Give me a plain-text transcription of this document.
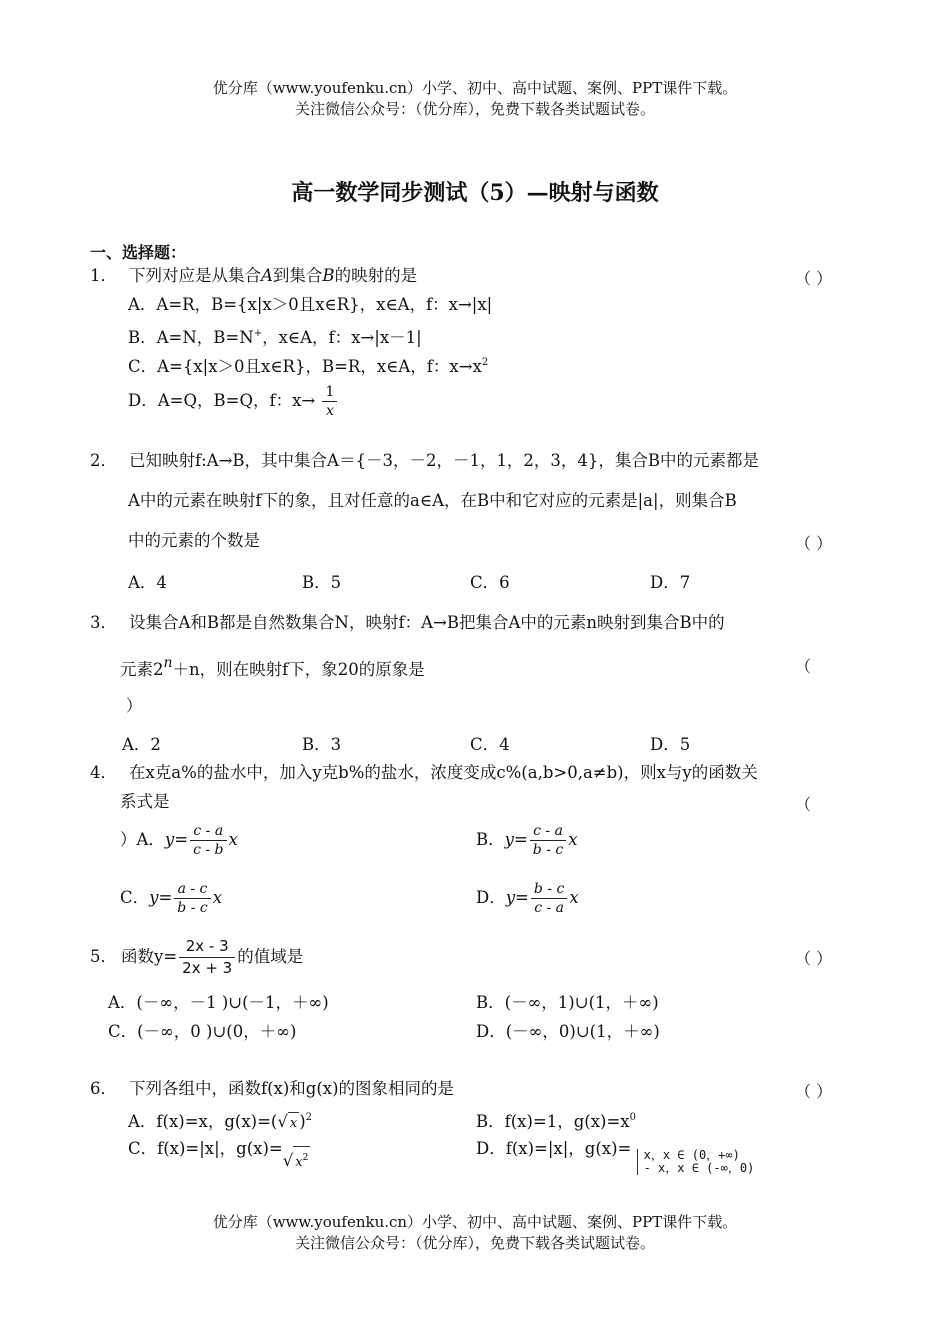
优分库（www.youfenku.cn）小学、初中、高中试题、案例、PPT课件下载。
关注微信公众号：（优分库），免费下载各类试题试卷。
高一数学同步测试（5）—映射与函数
一、选择题：
1． 下列对应是从集合A到集合B的映射的是	（ ）
A．A=R，B={x|x＞0且x∈R}，x∈A，f：x→|x|
B．A=N，B=N+，x∈A，f：x→|x－1|
C．A={x|x＞0且x∈R}，B=R，x∈A，f：$x\to x^2$
D．A=Q，B=Q，f：$x\to \frac{1}{x}$
2． 已知映射f:A→B，其中集合A＝{－3，－2，－1，1，2，3，4}，集合B中的元素都是
A中的元素在映射f下的象，且对任意的a∈A，在B中和它对应的元素是|a|，则集合B
中的元素的个数是	（ ）
A．4	B．5	C．6	D．7
3． 设集合A和B都是自然数集合N，映射f：A→B把集合A中的元素n映射到集合B中的
元素$2^n+n$，则在映射f下，象20的原象是	（
）
A．2	B．3	C．4	D．5
4． 在x克a%的盐水中，加入y克b%的盐水，浓度变成c%(a,b>0,a≠b)，则x与y的函数关
系式是	（
）A．$y= \frac{c - a}{c - b}$ x	B．$y= \frac{c - a}{b - c}$ x
C．$y= \frac{a - c}{b - c}$ x	D．$y= \frac{b - c}{c - a}$ x
5． 函数$y= \frac{2x - 3}{2x + 3}$ 的值域是	（ ）
A．(－∞，－1 )∪(－1，＋∞)	B．(－∞，1)∪(1，＋∞)
C．(－∞，0 )∪(0，＋∞)	D．(－∞，0)∪(1，＋∞)
6． 下列各组中，函数f(x)和g(x)的图象相同的是	（ ）
A．f(x)=x，g(x)=(√ x )$^2$	B．f(x)=1，$g(x)=x^0$
C．f(x)=|x|，g(x)=√ $x^2$	D．f(x)=|x|，g(x)= x，x ∈ (0，+∞)
- x，x ∈ (-∞，0)
优分库（www.youfenku.cn）小学、初中、高中试题、案例、PPT课件下载。
关注微信公众号：（优分库），免费下载各类试题试卷。
